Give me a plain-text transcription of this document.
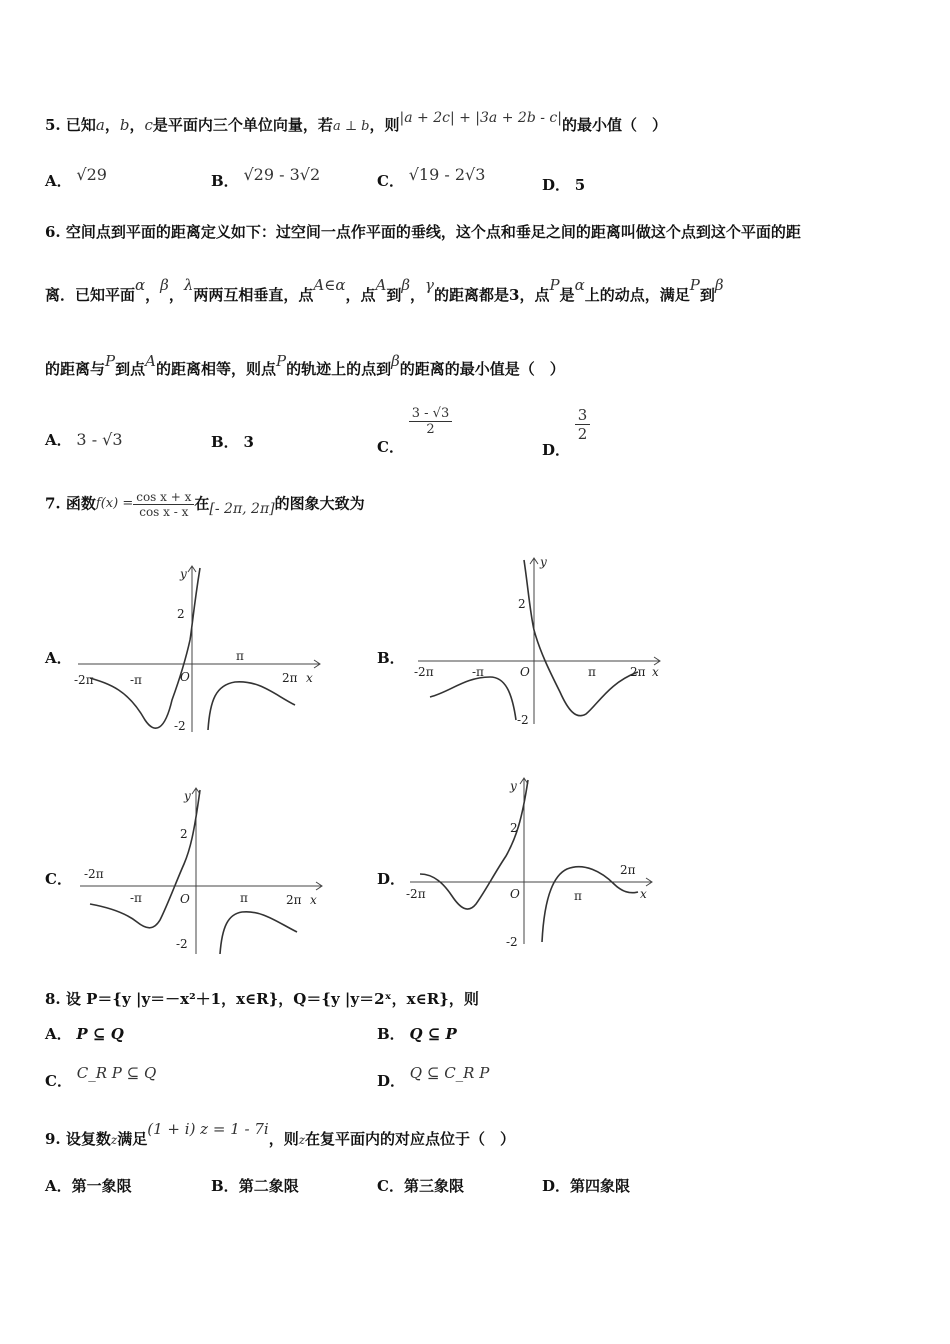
5. 已知a，b，c是平面内三个单位向量，若a ⊥ b，则|a + 2c| + |3a + 2b - c|的最小值（　）
A． √29	B． √29 - 3√2	C． √19 - 2√3
D． 5
6. 空间点到平面的距离定义如下：过空间一点作平面的垂线，这个点和垂足之间的距离叫做这个点到这个平面的距
离．已知平面α，β，λ两两互相垂直，点A∈α，点A到β，γ的距离都是3，点P是α上的动点，满足P到β
的距离与P到点A的距离相等，则点P的轨迹上的点到β的距离的最小值是（　）
A． 3 - √3	B． 3	C．
$\frac{3 - √3}{2}$
D．
$\frac{3}{2}$
7. 函数$f(x) = \frac{\text{cos x + x}}{\text{cos x - x}}$ 在[- 2π, 2π]的图象大致为
A．	B．
C．	D．
y
2
-2
-2π	-π	O
π
2π x
y
2
-2
-2π	-π	O	π	2π x
y
2
-2
-2π
-π	O	π	2π x
y
2
-2
-2π	O	π
2π
x
8. 设 P＝{y |y＝－x²＋1，x∈R}，Q＝{y |y＝2ˣ，x∈R}，则
A． P ⊆ Q	B． Q ⊆ P
C． C_R P ⊆ Q	D． Q ⊆ C_R P
9. 设复数z满足(1 + i) z = 1 - 7i，则z在复平面内的对应点位于（　）
A．第一象限	B．第二象限	C．第三象限	D．第四象限
